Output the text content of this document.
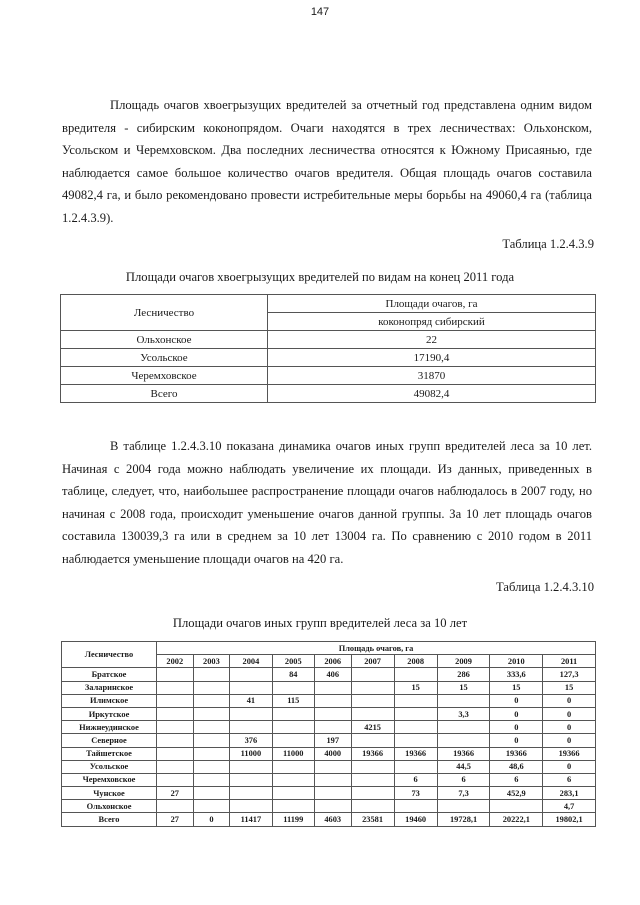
147

Площадь очагов хвоегрызущих вредителей за отчетный год представлена одним видом вредителя - сибирским коконопрядом. Очаги находятся в трех лесничествах: Ольхонском, Усольском и Черемховском. Два последних лесничества относятся к Южному Присаянью, где наблюдается самое большое количество очагов вредителя. Общая площадь очагов составила 49082,4 га, и было рекомендовано провести истребительные меры борьбы на 49060,4 га (таблица 1.2.4.3.9).

Таблица 1.2.4.3.9
Площади очагов хвоегрызущих вредителей по видам на конец 2011 года
Лесничество	Площади очагов, га
	коконопряд сибирский
Ольхонское	22
Усольское	17190,4
Черемховское	31870
Всего	49082,4

В таблице 1.2.4.3.10 показана динамика очагов иных групп вредителей леса за 10 лет. Начиная с 2004 года можно наблюдать увеличение их площади. Из данных, приведенных в таблице, следует, что, наибольшее распространение площади очагов наблюдалось в 2007 году, но начиная с 2008 года, происходит уменьшение очагов данной группы. За 10 лет площадь очагов составила 130039,3 га или в среднем за 10 лет 13004 га. По сравнению с 2010 годом в 2011 наблюдается уменьшение площади очагов на 420 га.

Таблица 1.2.4.3.10
Площади очагов иных групп вредителей леса за 10 лет
Лесничество	Площадь очагов, га									
	2002	2003	2004	2005	2006	2007	2008	2009	2010	2011
Братское				84	406			286	333,6	127,3
Заларинское							15	15	15	15
Илимское			41	115					0	0
Иркутское								3,3	0	0
Нижнеудинское						4215			0	0
Северное			376		197				0	0
Тайшетское			11000	11000	4000	19366	19366	19366	19366	19366
Усольское								44,5	48,6	0
Черемховское							6	6	6	6
Чунское	27						73	7,3	452,9	283,1
Ольхонское										4,7
Всего	27	0	11417	11199	4603	23581	19460	19728,1	20222,1	19802,1
